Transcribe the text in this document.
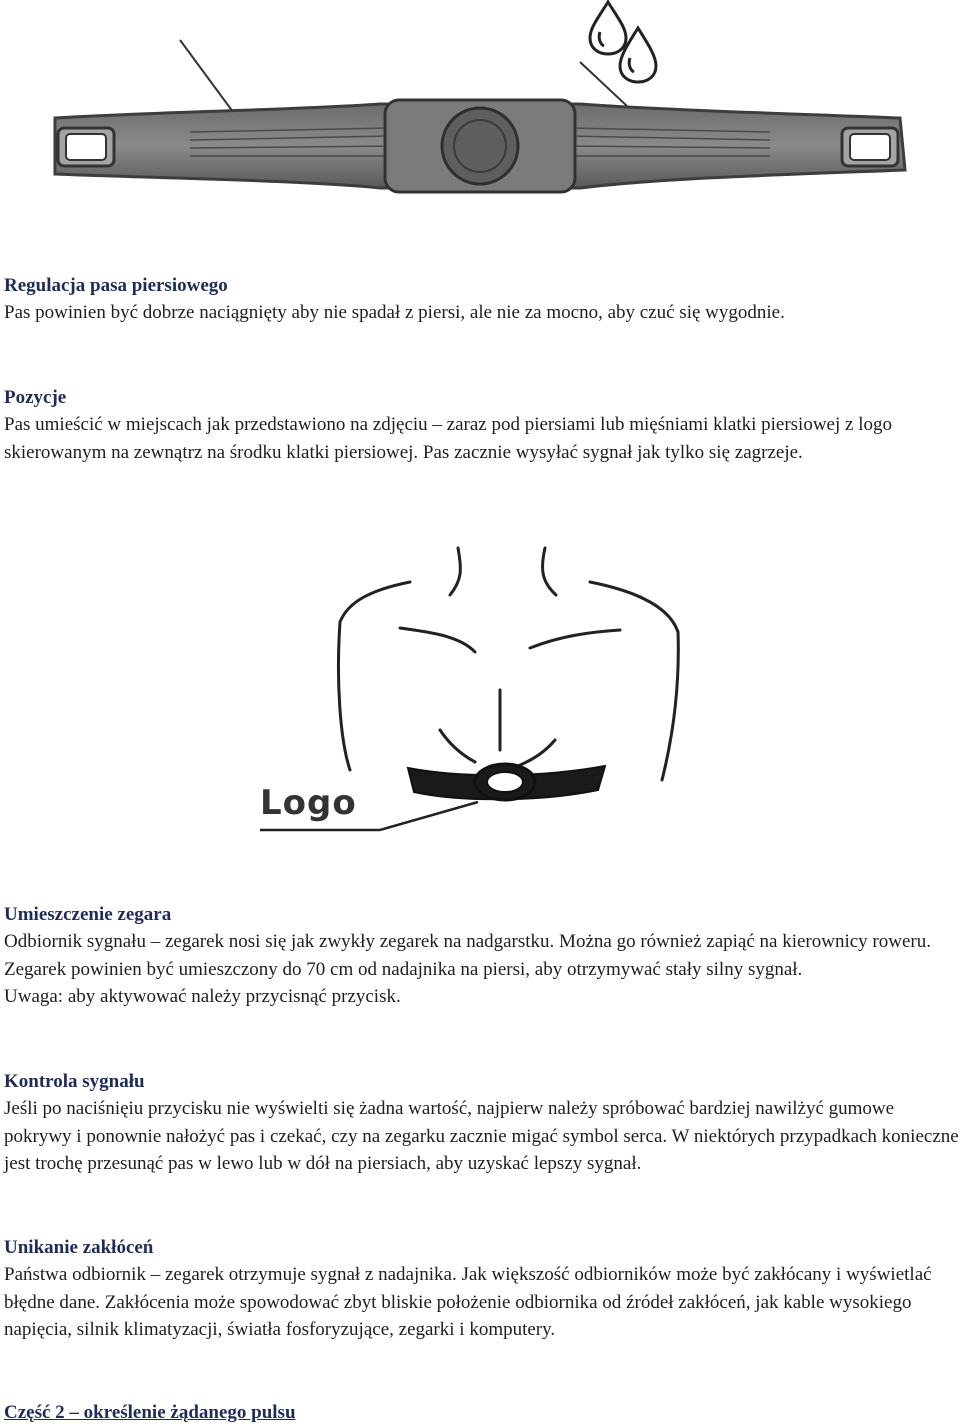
Regulacja pasa piersiowego
Pas powinien być dobrze naciągnięty aby nie spadał z piersi, ale nie za mocno, aby czuć się wygodnie.
Pozycje
Pas umieścić w miejscach jak przedstawiono na zdjęciu – zaraz pod piersiami lub mięśniami klatki piersiowej z logo skierowanym na zewnątrz na środku klatki piersiowej. Pas zacznie wysyłać sygnał jak tylko się zagrzeje.
Logo
Umieszczenie zegara
Odbiornik sygnału – zegarek nosi się jak zwykły zegarek na nadgarstku. Można go również zapiąć na kierownicy roweru. Zegarek powinien być umieszczony do 70 cm od nadajnika na piersi, aby otrzymywać stały silny sygnał.
Uwaga: aby aktywować należy przycisnąć przycisk.
Kontrola sygnału
Jeśli po naciśnięiu przycisku nie wyświelti się żadna wartość, najpierw należy spróbować bardziej nawilżyć gumowe pokrywy i ponownie nałożyć pas i czekać, czy na zegarku zacznie migać symbol serca. W niektórych przypadkach konieczne jest trochę przesunąć pas w lewo lub w dół na piersiach, aby uzyskać lepszy sygnał.
Unikanie zakłóceń
Państwa odbiornik – zegarek otrzymuje sygnał z nadajnika. Jak większość odbiorników może być zakłócany i wyświetlać błędne dane. Zakłócenia może spowodować zbyt bliskie położenie odbiornika od źródeł zakłóceń, jak kable wysokiego napięcia, silnik klimatyzacji, światła fosforyzujące, zegarki i komputery.
Część 2 – określenie żądanego pulsu
